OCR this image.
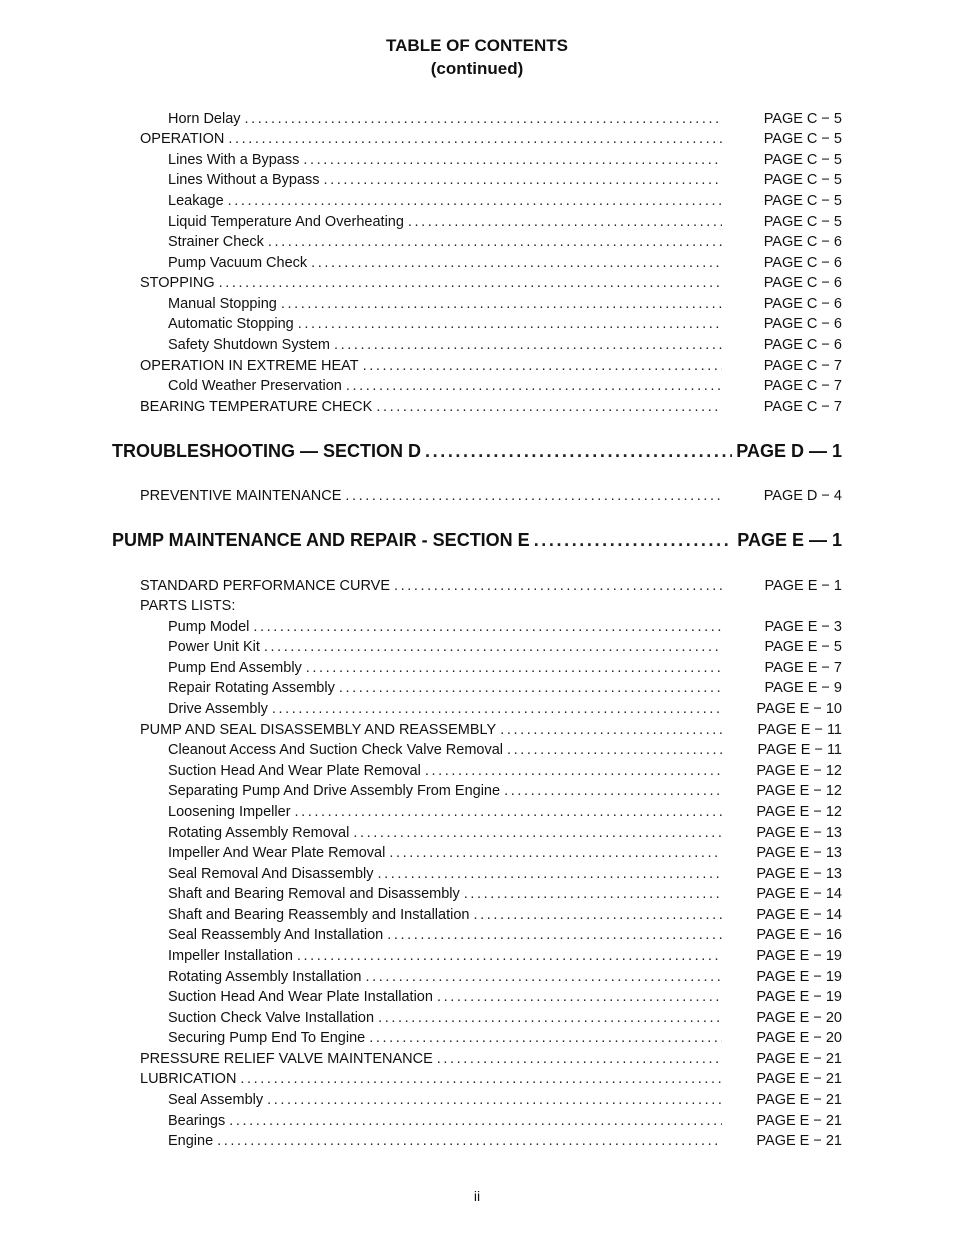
TABLE OF CONTENTS
(continued)
Horn Delay .....	PAGE C − 5
OPERATION .....	PAGE C − 5
Lines With a Bypass .....	PAGE C − 5
Lines Without a Bypass .....	PAGE C − 5
Leakage .....	PAGE C − 5
Liquid Temperature And Overheating .....	PAGE C − 5
Strainer Check .....	PAGE C − 6
Pump Vacuum Check .....	PAGE C − 6
STOPPING .....	PAGE C − 6
Manual Stopping .....	PAGE C − 6
Automatic Stopping .....	PAGE C − 6
Safety Shutdown System .....	PAGE C − 6
OPERATION IN EXTREME HEAT .....	PAGE C − 7
Cold Weather Preservation .....	PAGE C − 7
BEARING TEMPERATURE CHECK .....	PAGE C − 7
TROUBLESHOOTING — SECTION D .....	PAGE D — 1
PREVENTIVE MAINTENANCE .....	PAGE D − 4
PUMP MAINTENANCE AND REPAIR - SECTION E .....	PAGE E — 1
STANDARD PERFORMANCE CURVE .....	PAGE E − 1
PARTS LISTS:
Pump Model .....	PAGE E − 3
Power Unit Kit .....	PAGE E − 5
Pump End Assembly .....	PAGE E − 7
Repair Rotating Assembly .....	PAGE E − 9
Drive Assembly .....	PAGE E − 10
PUMP AND SEAL DISASSEMBLY AND REASSEMBLY .....	PAGE E − 11
Cleanout Access And Suction Check Valve Removal .....	PAGE E − 11
Suction Head And Wear Plate Removal .....	PAGE E − 12
Separating Pump And Drive Assembly From Engine .....	PAGE E − 12
Loosening Impeller .....	PAGE E − 12
Rotating Assembly Removal .....	PAGE E − 13
Impeller And Wear Plate Removal .....	PAGE E − 13
Seal Removal And Disassembly .....	PAGE E − 13
Shaft and Bearing Removal and Disassembly .....	PAGE E − 14
Shaft and Bearing Reassembly and Installation .....	PAGE E − 14
Seal Reassembly And Installation .....	PAGE E − 16
Impeller Installation .....	PAGE E − 19
Rotating Assembly Installation .....	PAGE E − 19
Suction Head And Wear Plate Installation .....	PAGE E − 19
Suction Check Valve Installation .....	PAGE E − 20
Securing Pump End To Engine .....	PAGE E − 20
PRESSURE RELIEF VALVE MAINTENANCE .....	PAGE E − 21
LUBRICATION .....	PAGE E − 21
Seal Assembly .....	PAGE E − 21
Bearings .....	PAGE E − 21
Engine .....	PAGE E − 21
ii
